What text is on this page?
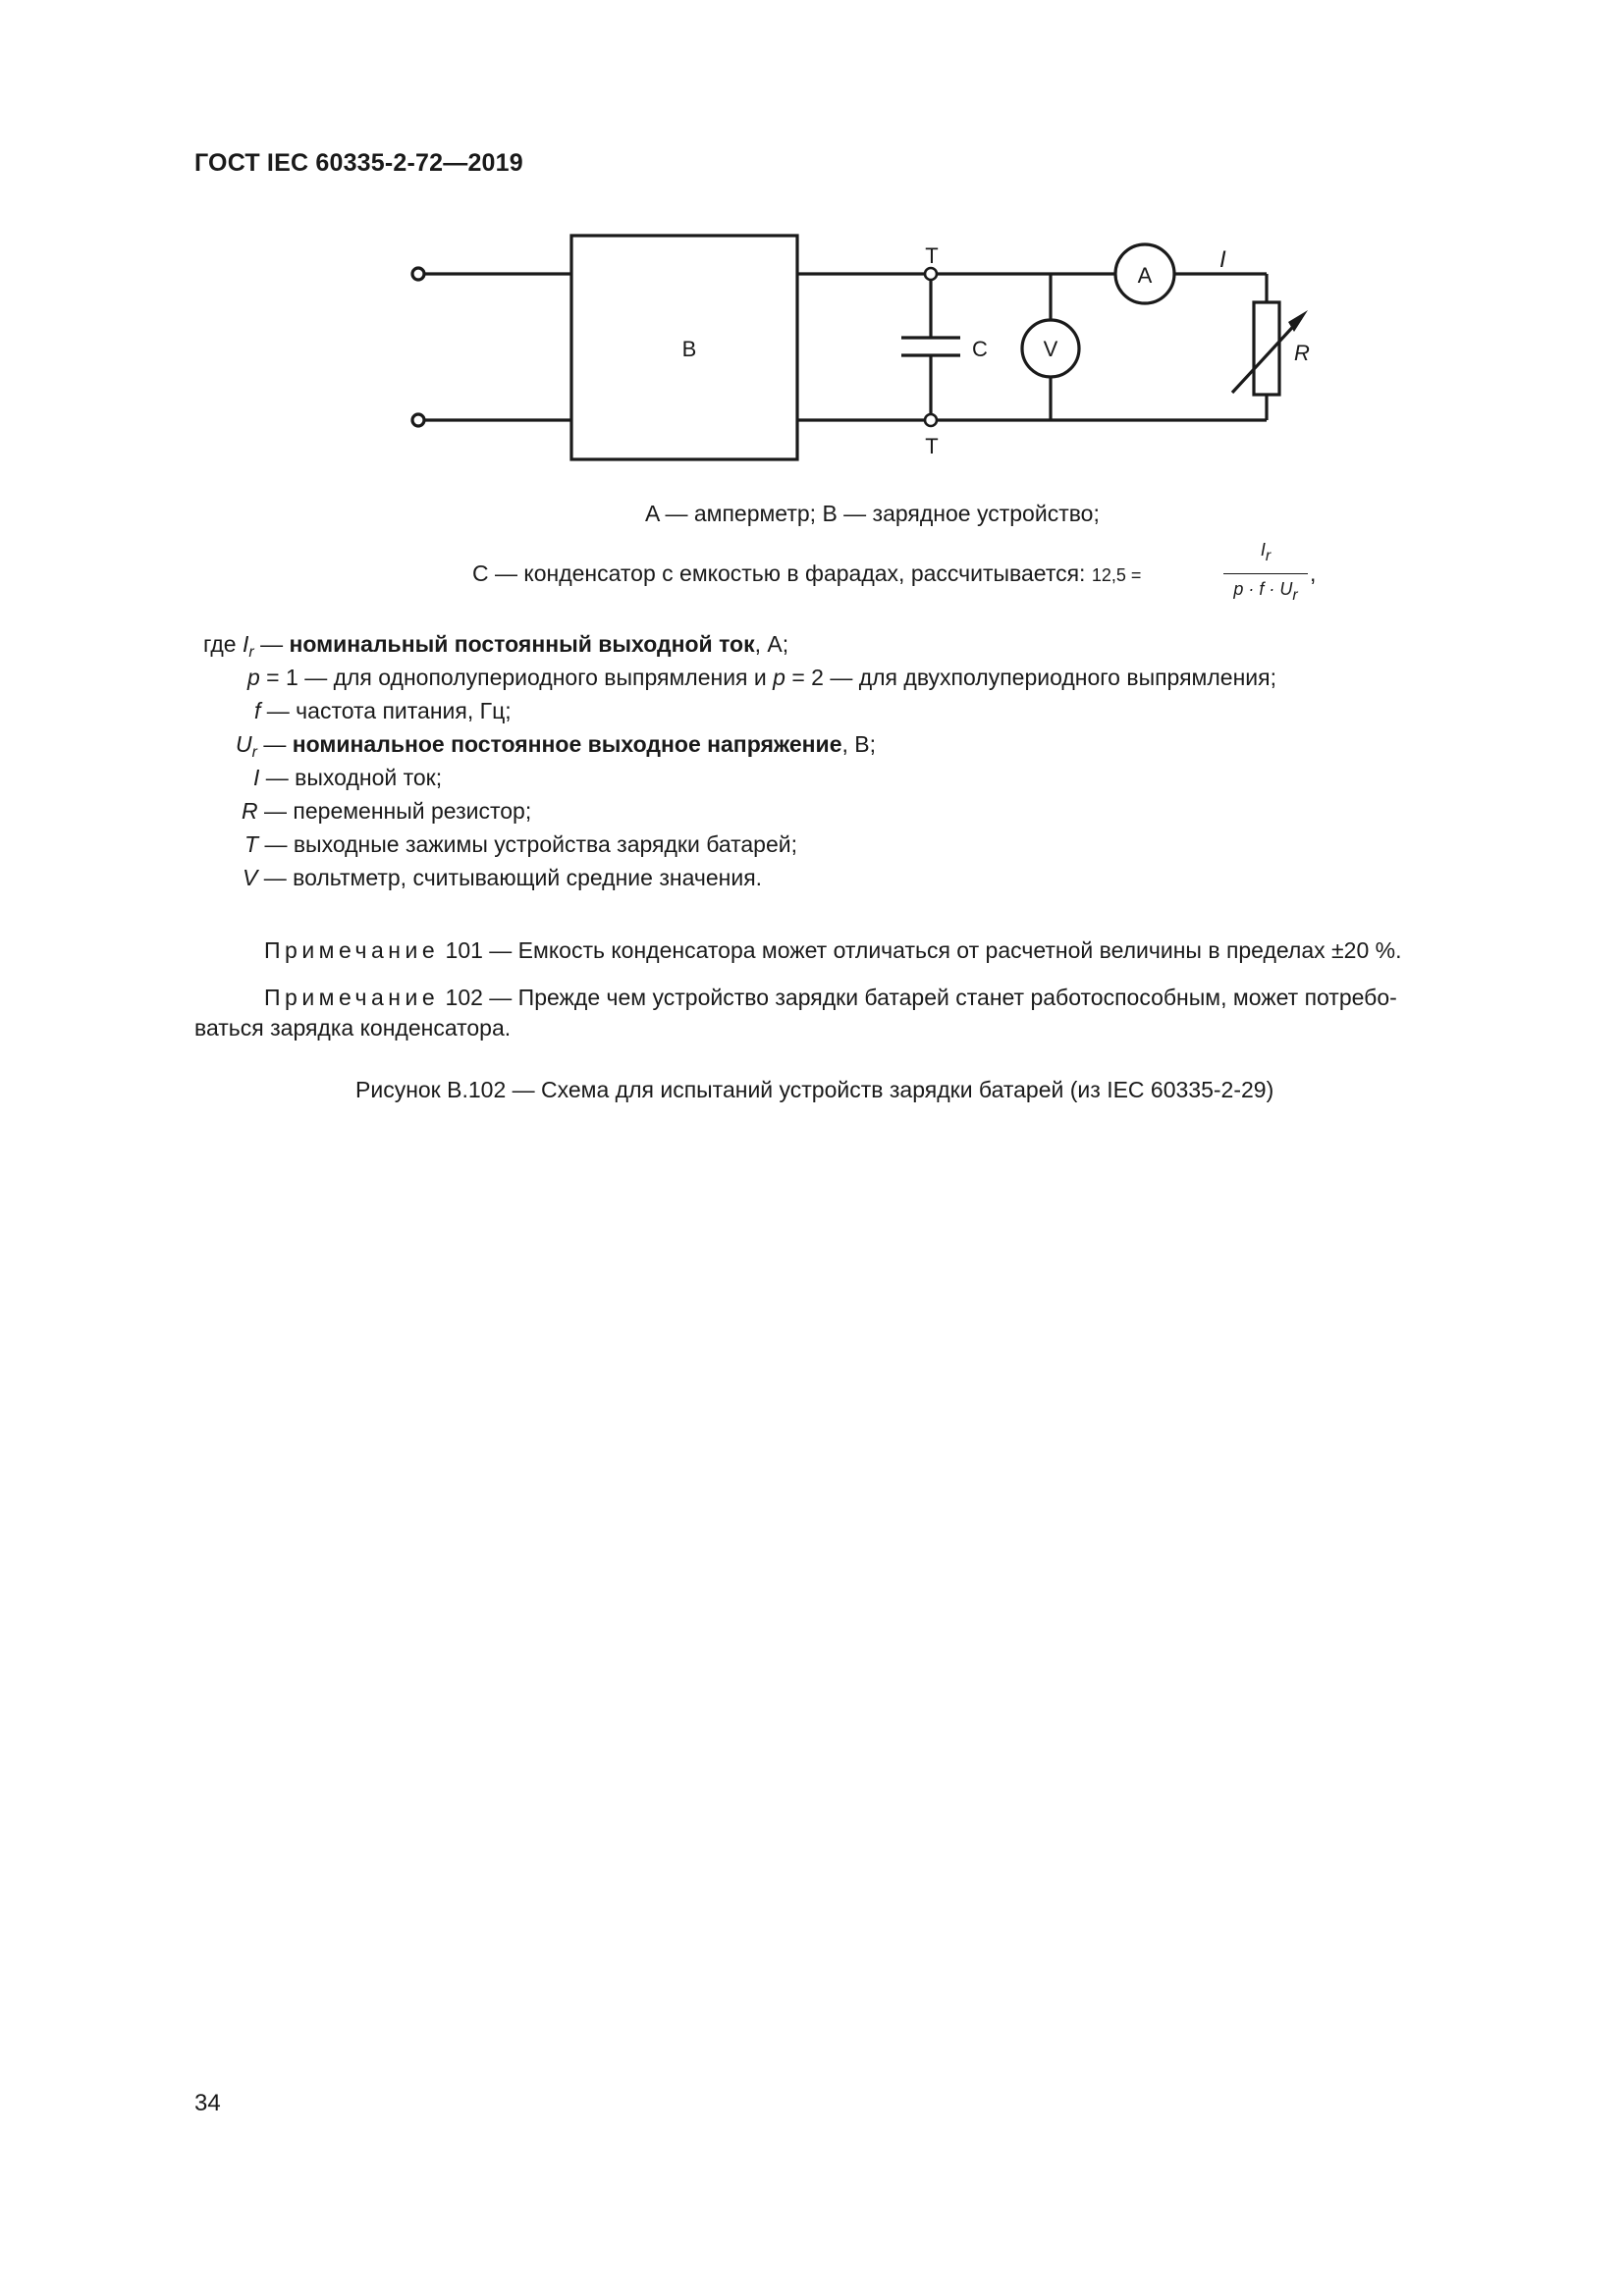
ГОСТ IEC 60335-2-72—2019
B
T
T
C	V
A
I
R
A — амперметр; B — зарядное устройство;
C — конденсатор с емкостью в фарадах, рассчитывается: 12,5 =
$I_r$
$p \cdot f \cdot U_r$
,
где $I_r$ — номинальный постоянный выходной ток, A;
p = 1 — для однополупериодного выпрямления и p = 2 — для двухполупериодного выпрямления;
f — частота питания, Гц;
$U_r$ — номинальное постоянное выходное напряжение, B;
I — выходной ток;
R — переменный резистор;
T — выходные зажимы устройства зарядки батарей;
V — вольтметр, считывающий средние значения.
Примечание 101 — Емкость конденсатора может отличаться от расчетной величины в пределах ±20 %.
Примечание 102 — Прежде чем устройство зарядки батарей станет работоспособным, может потребо-
ваться зарядка конденсатора.
Рисунок B.102 — Схема для испытаний устройств зарядки батарей (из IEC 60335-2-29)
34
